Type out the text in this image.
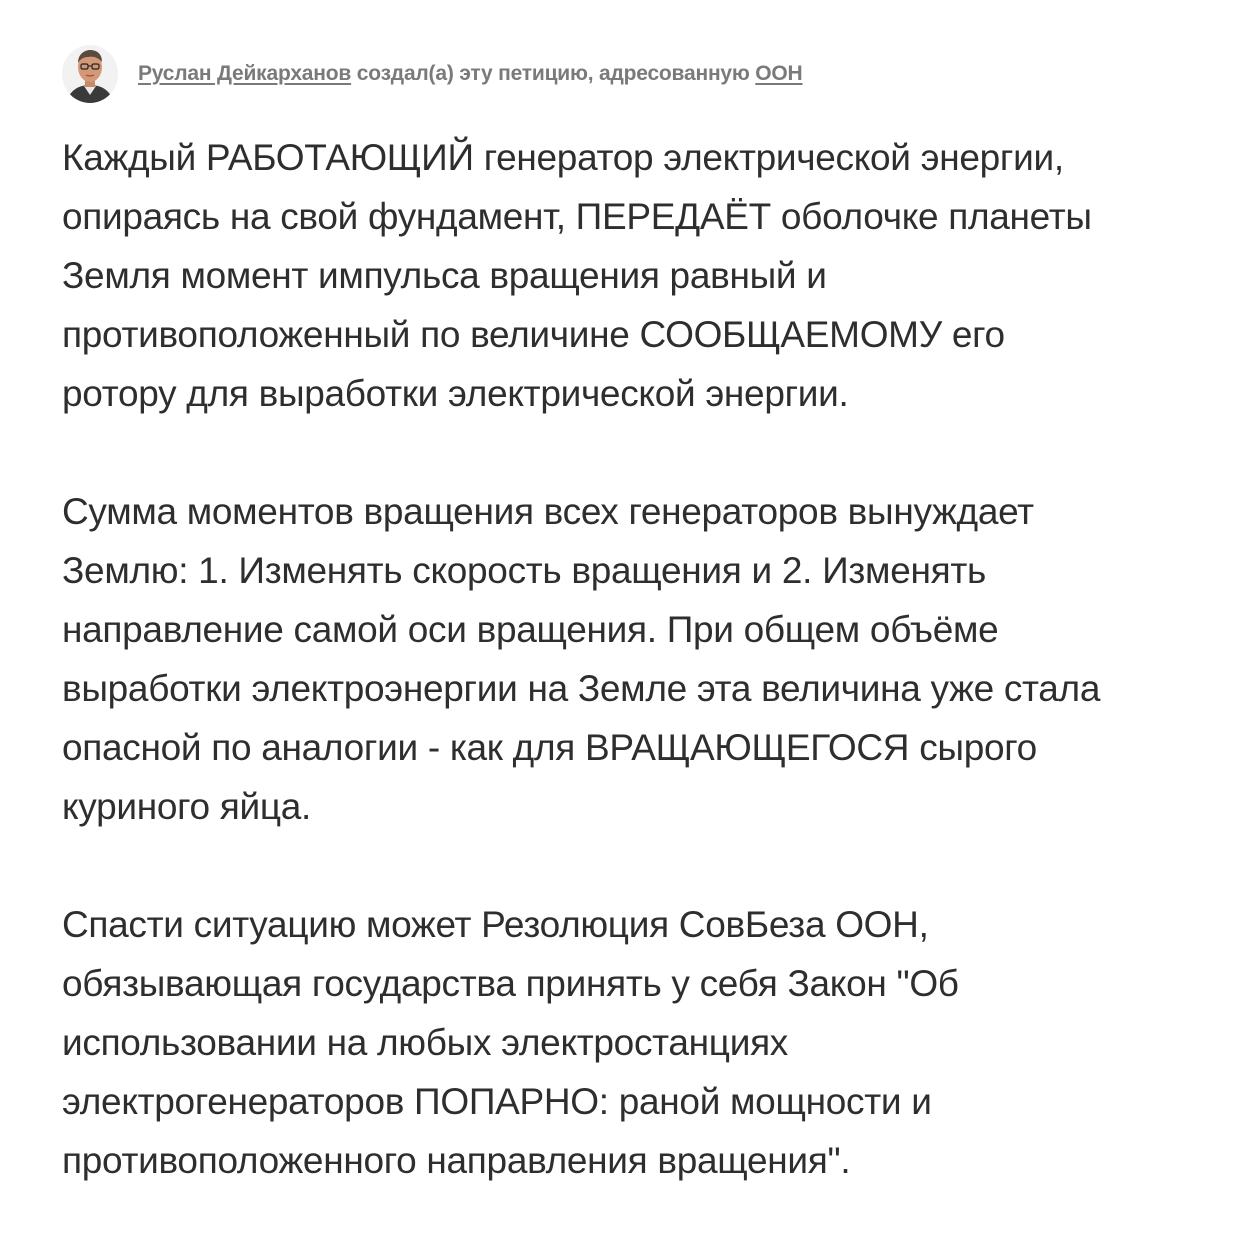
Руслан Дейкарханов создал(а) эту петицию, адресованную ООН

Каждый РАБОТАЮЩИЙ генератор электрической энергии,
опираясь на свой фундамент, ПЕРЕДАЁТ оболочке планеты
Земля момент импульса вращения равный и
противоположенный по величине СООБЩАЕМОМУ его
ротору для выработки электрической энергии.

Сумма моментов вращения всех генераторов вынуждает
Землю: 1. Изменять скорость вращения и 2. Изменять
направление самой оси вращения. При общем объёме
выработки электроэнергии на Земле эта величина уже стала
опасной по аналогии - как для ВРАЩАЮЩЕГОСЯ сырого
куриного яйца.

Спасти ситуацию может Резолюция СовБеза ООН,
обязывающая государства принять у себя Закон "Об
использовании на любых электростанциях
электрогенераторов ПОПАРНО: раной мощности и
противоположенного направления вращения".
